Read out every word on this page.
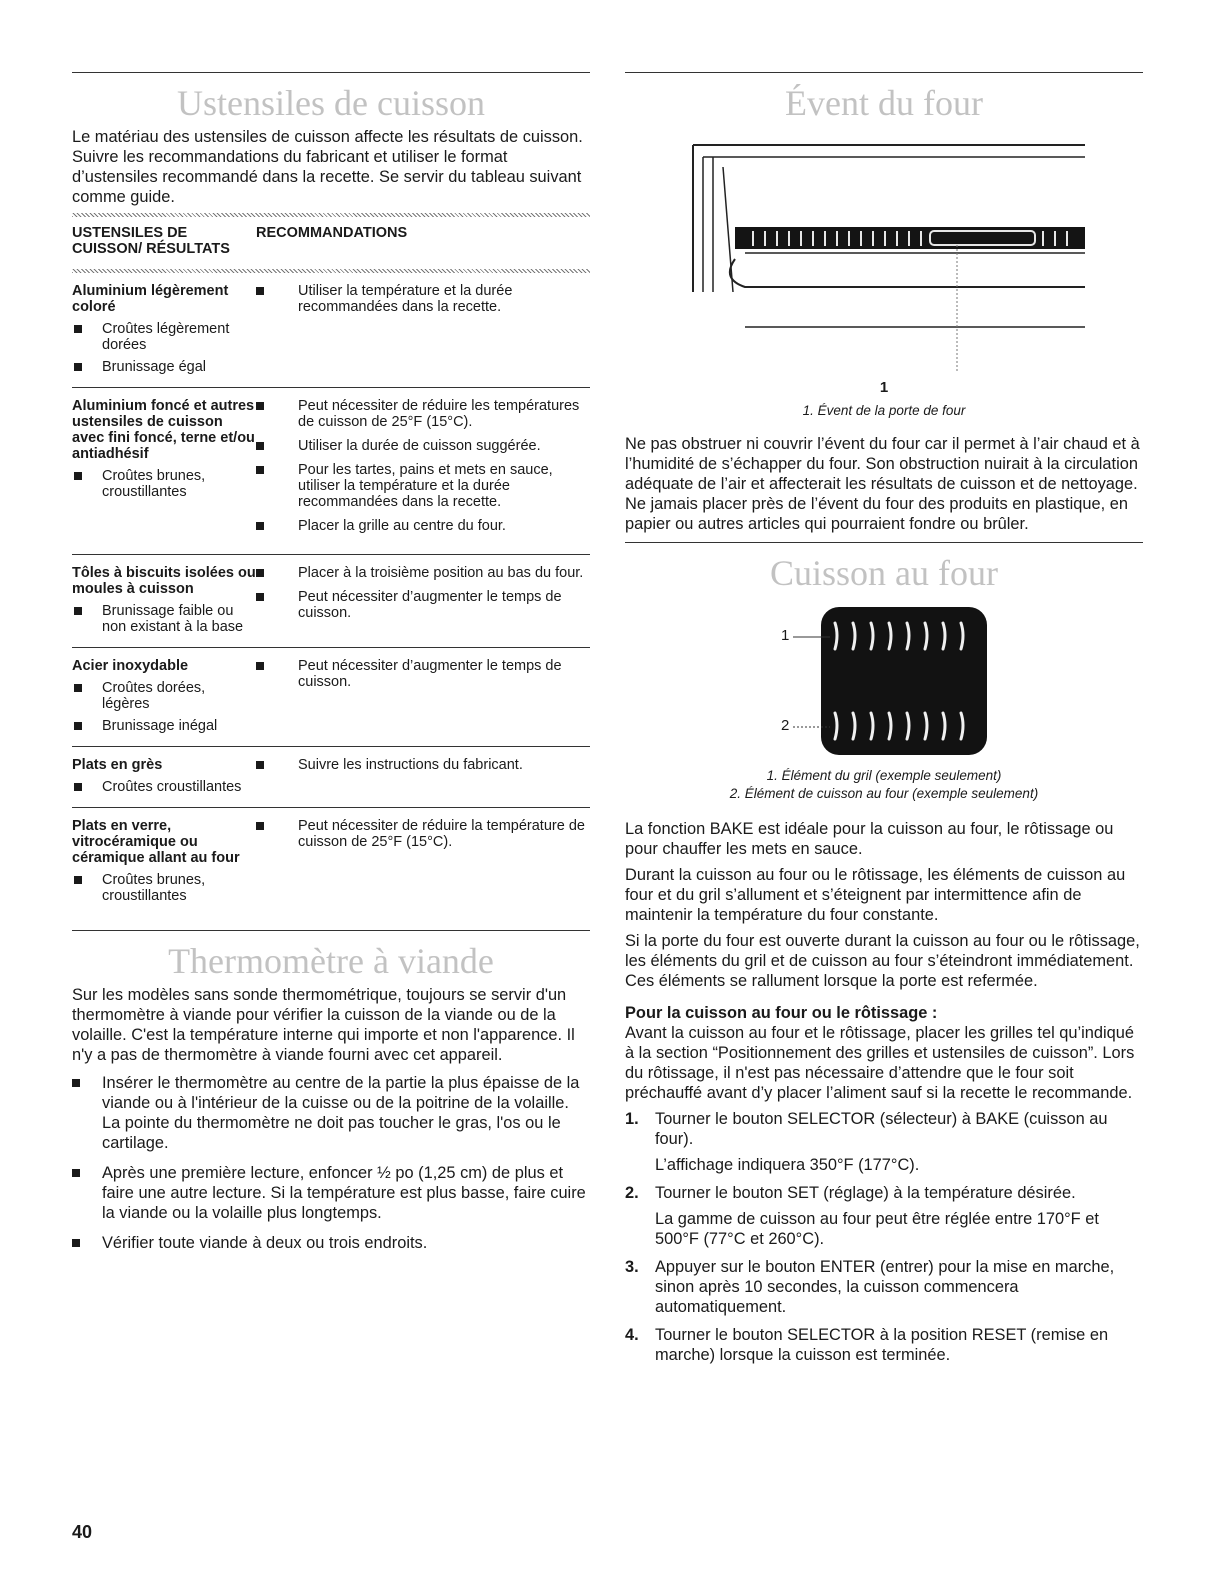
Ustensiles de cuisson

Le matériau des ustensiles de cuisson affecte les résultats de cuisson. Suivre les recommandations du fabricant et utiliser le format d’ustensiles recommandé dans la recette. Se servir du tableau suivant comme guide.

USTENSILES DE CUISSON/ RÉSULTATS
RECOMMANDATIONS
Aluminium légèrement coloré
Croûtes légèrement dorées
Brunissage égal
Utiliser la température et la durée recommandées dans la recette.
Aluminium foncé et autres ustensiles de cuisson avec fini foncé, terne et/ou antiadhésif
Croûtes brunes, croustillantes
Peut nécessiter de réduire les températures de cuisson de 25°F (15°C).
Utiliser la durée de cuisson suggérée.
Pour les tartes, pains et mets en sauce, utiliser la température et la durée recommandées dans la recette.
Placer la grille au centre du four.
Tôles à biscuits isolées ou moules à cuisson
Brunissage faible ou non existant à la base
Placer à la troisième position au bas du four.
Peut nécessiter d’augmenter le temps de cuisson.
Acier inoxydable
Croûtes dorées, légères
Brunissage inégal
Peut nécessiter d’augmenter le temps de cuisson.
Plats en grès
Croûtes croustillantes
Suivre les instructions du fabricant.
Plats en verre, vitrocéramique ou céramique allant au four
Croûtes brunes, croustillantes
Peut nécessiter de réduire la température de cuisson de 25°F (15°C).
Thermomètre à viande

Sur les modèles sans sonde thermométrique, toujours se servir d'un thermomètre à viande pour vérifier la cuisson de la viande ou de la volaille. C'est la température interne qui importe et non l'apparence. Il n'y a pas de thermomètre à viande fourni avec cet appareil.

Insérer le thermomètre au centre de la partie la plus épaisse de la viande ou à l'intérieur de la cuisse ou de la poitrine de la volaille. La pointe du thermomètre ne doit pas toucher le gras, l'os ou le cartilage.
Après une première lecture, enfoncer ½ po (1,25 cm) de plus et faire une autre lecture. Si la température est plus basse, faire cuire la viande ou la volaille plus longtemps.
Vérifier toute viande à deux ou trois endroits.
Évent du four
1
1. Évent de la porte de four

Ne pas obstruer ni couvrir l’évent du four car il permet à l’air chaud et à l’humidité de s’échapper du four. Son obstruction nuirait à la circulation adéquate de l’air et affecterait les résultats de cuisson et de nettoyage. Ne jamais placer près de l’évent du four des produits en plastique, en papier ou autres articles qui pourraient fondre ou brûler.

Cuisson au four
1
2
1. Élément du gril (exemple seulement)
2. Élément de cuisson au four (exemple seulement)

La fonction BAKE est idéale pour la cuisson au four, le rôtissage ou pour chauffer les mets en sauce.

Durant la cuisson au four ou le rôtissage, les éléments de cuisson au four et du gril s’allument et s’éteignent par intermittence afin de maintenir la température du four constante.

Si la porte du four est ouverte durant la cuisson au four ou le rôtissage, les éléments du gril et de cuisson au four s’éteindront immédiatement. Ces éléments se rallument lorsque la porte est refermée.

Pour la cuisson au four ou le rôtissage :

Avant la cuisson au four et le rôtissage, placer les grilles tel qu’indiqué à la section “Positionnement des grilles et ustensiles de cuisson”. Lors du rôtissage, il n'est pas nécessaire d’attendre que le four soit préchauffé avant d’y placer l’aliment sauf si la recette le recommande.

1. Tourner le bouton SELECTOR (sélecteur) à BAKE (cuisson au four).
L’affichage indiquera 350°F (177°C).
2. Tourner le bouton SET (réglage) à la température désirée.
La gamme de cuisson au four peut être réglée entre 170°F et 500°F (77°C et 260°C).
3. Appuyer sur le bouton ENTER (entrer) pour la mise en marche, sinon après 10 secondes, la cuisson commencera automatiquement.
4. Tourner le bouton SELECTOR à la position RESET (remise en marche) lorsque la cuisson est terminée.
40
